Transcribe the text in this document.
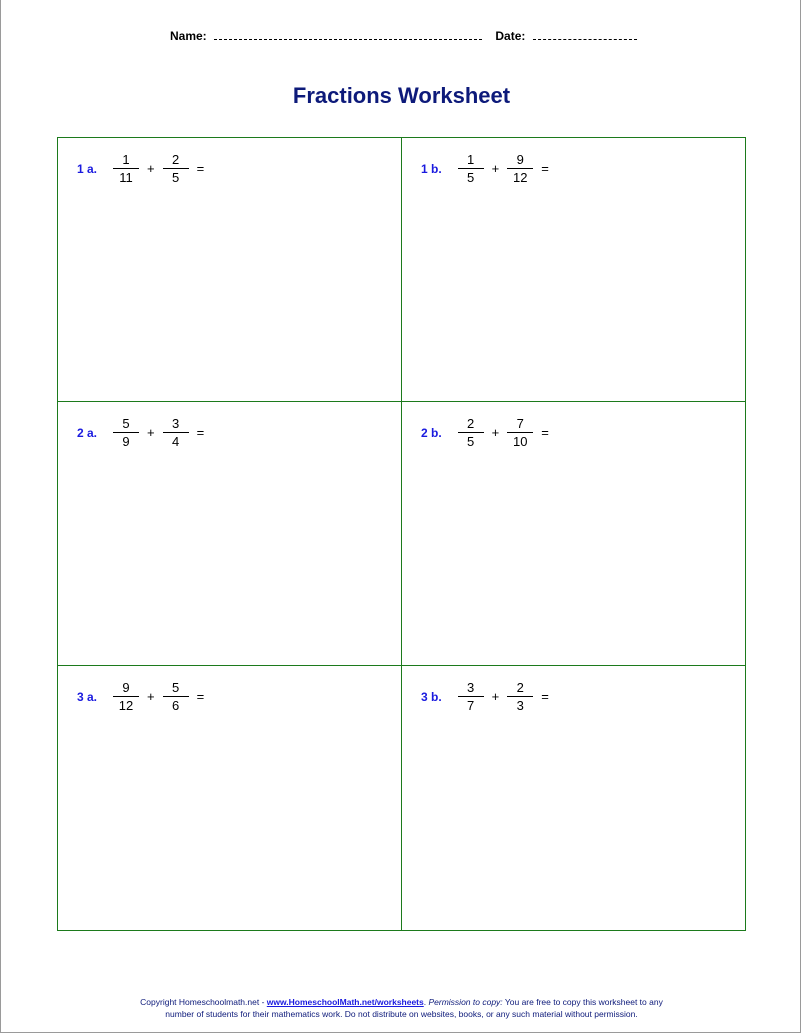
Name:	Date:
Fractions Worksheet
1 a. $\frac{1}{11} + \frac{2}{5}$ =	1 b. $\frac{1}{5} + \frac{9}{12}$ =
2 a. $\frac{5}{9} + \frac{3}{4}$ =	2 b. $\frac{2}{5} + \frac{7}{10}$ =
3 a. $\frac{9}{12} + \frac{5}{6}$ =	3 b. $\frac{3}{7} + \frac{2}{3}$ =
Copyright Homeschoolmath.net - www.HomeschoolMath.net/worksheets. Permission to copy: You are free to copy this worksheet to any
number of students for their mathematics work. Do not distribute on websites, books, or any such material without permission.
